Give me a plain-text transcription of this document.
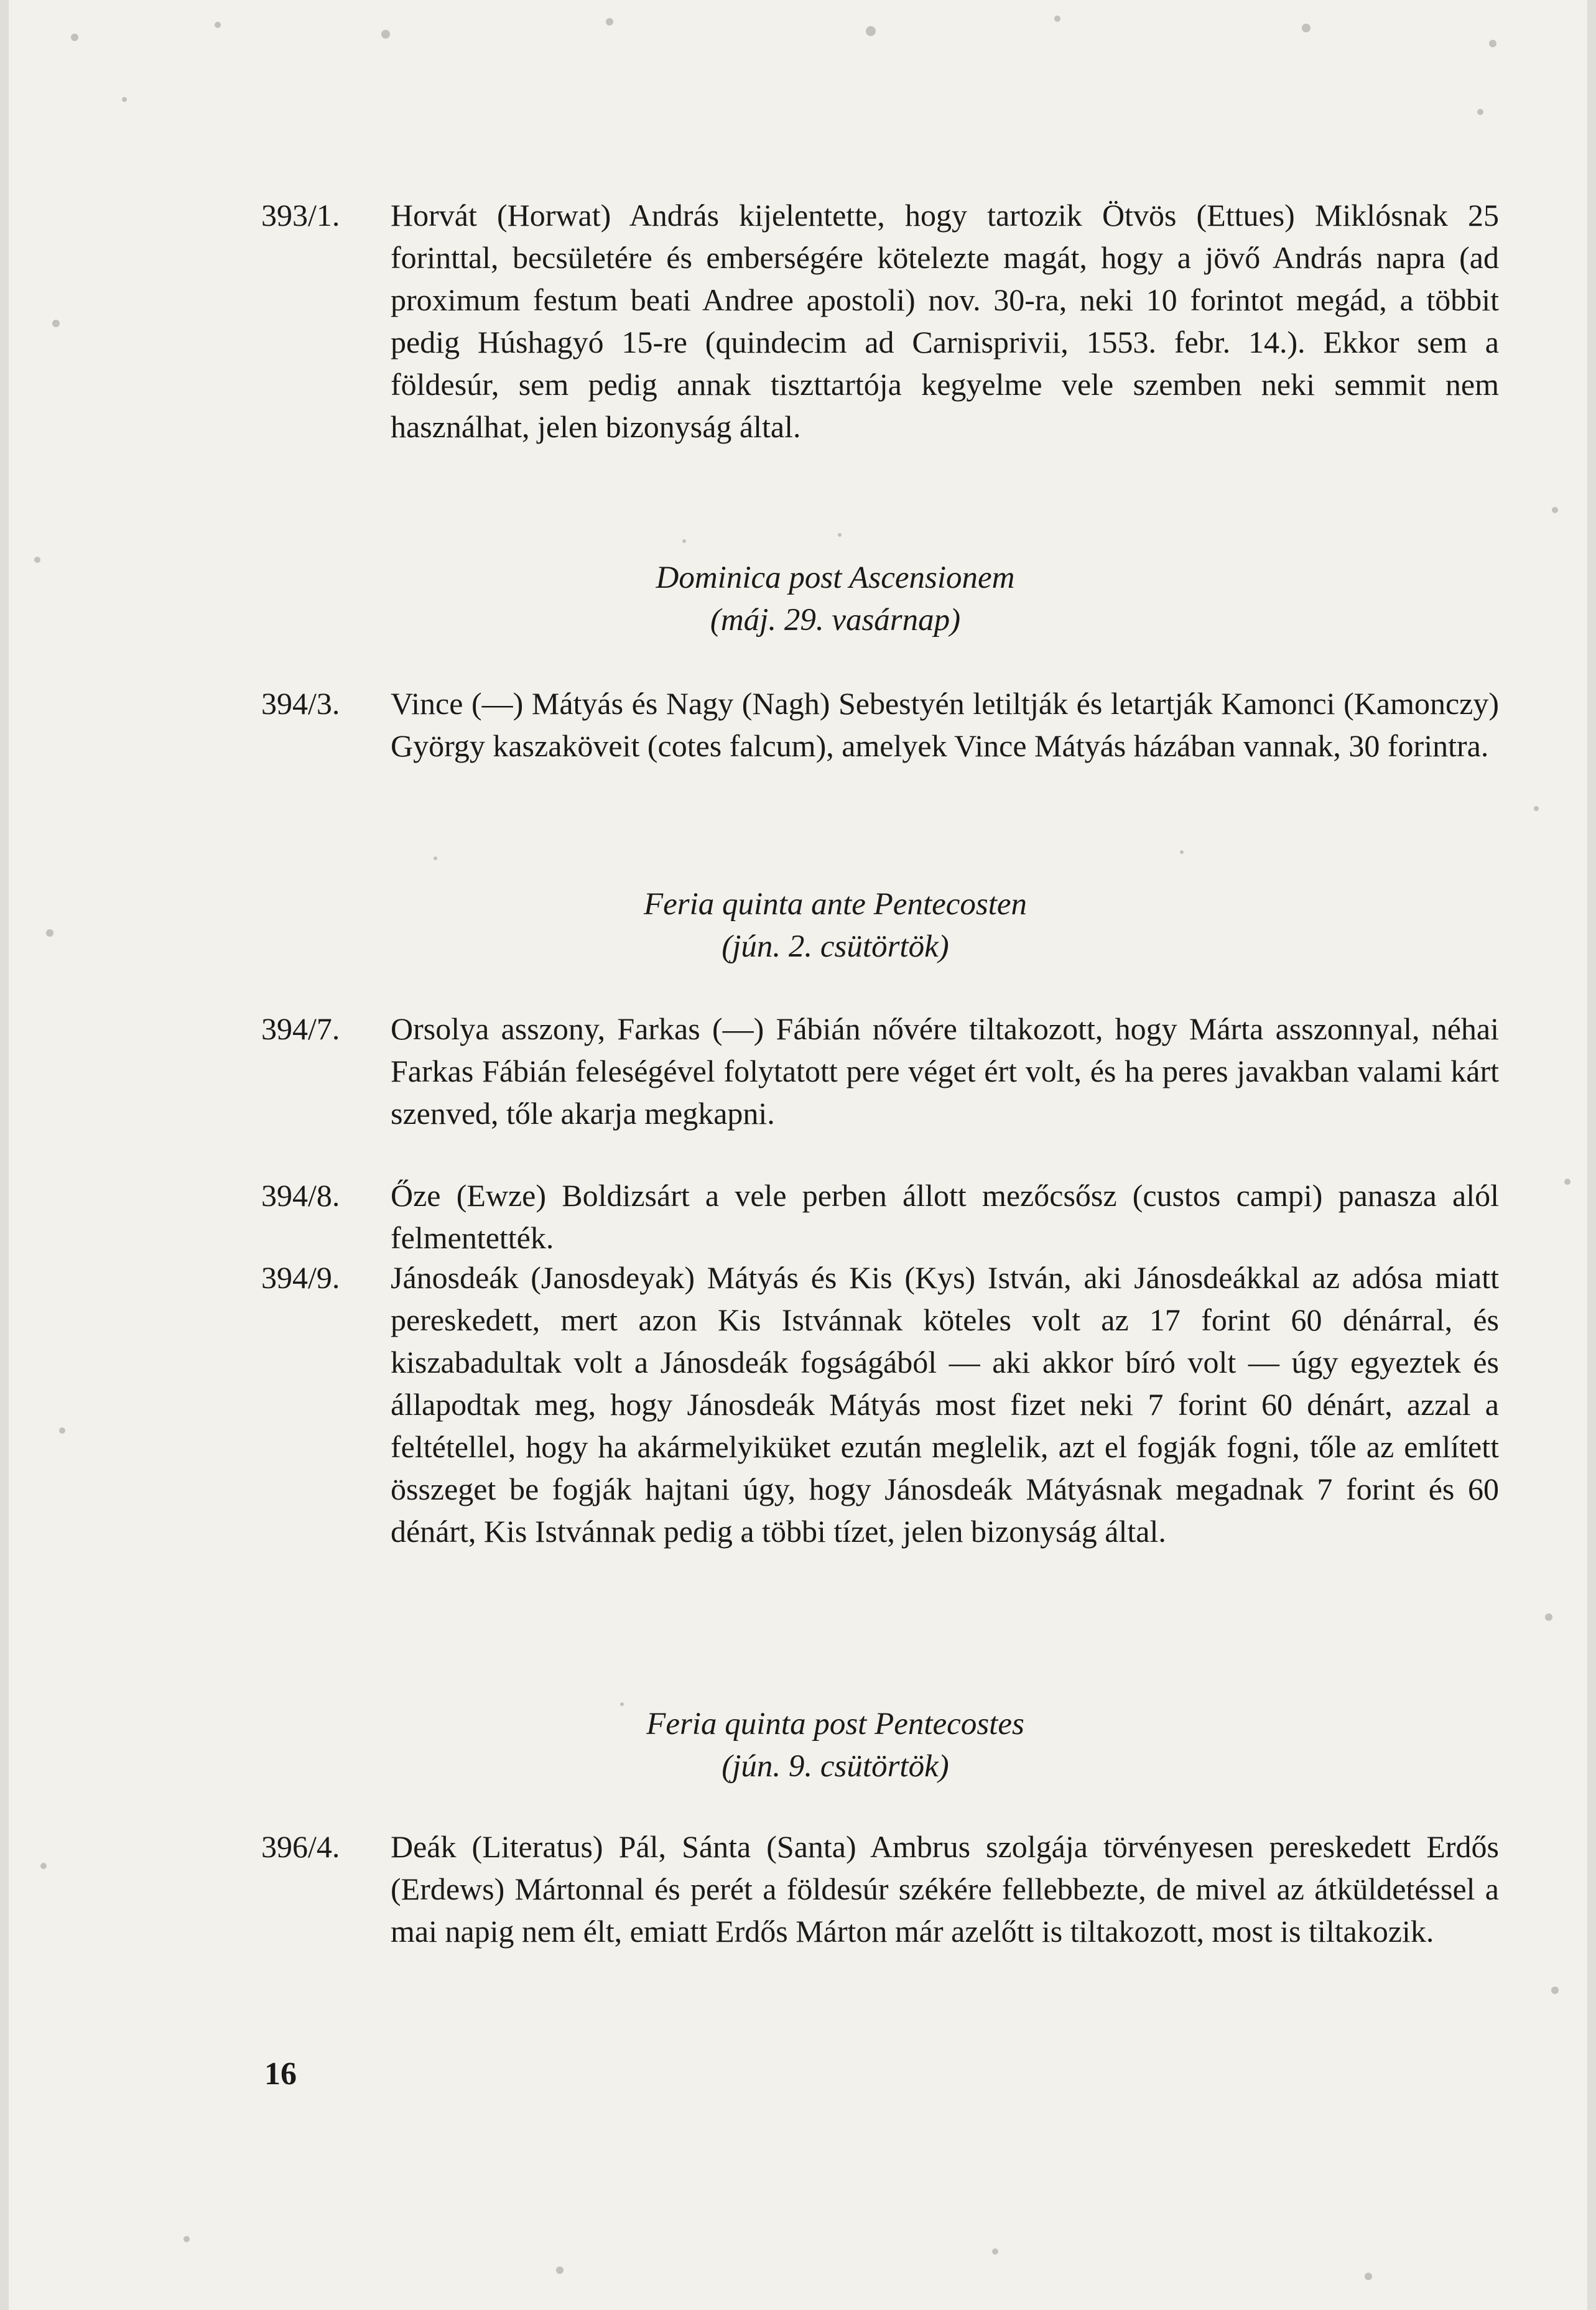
393/1. Horvát (Horwat) András kijelentette, hogy tartozik Ötvös (Ettues) Miklósnak 25 forinttal, becsületére és emberségére kötelezte magát, hogy a jövő András napra (ad proximum festum beati Andree apostoli) nov. 30-ra, neki 10 forintot megád, a többit pedig Húshagyó 15-re (quindecim ad Carnisprivii, 1553. febr. 14.). Ekkor sem a földesúr, sem pedig annak tiszttartója kegyelme vele szemben neki semmit nem használhat, jelen bizonyság által.
Dominica post Ascensionem
(máj. 29. vasárnap)
394/3. Vince (—) Mátyás és Nagy (Nagh) Sebestyén letiltják és letartják Kamonci (Kamonczy) György kaszaköveit (cotes falcum), amelyek Vince Mátyás házában vannak, 30 forintra.
Feria quinta ante Pentecosten
(jún. 2. csütörtök)
394/7. Orsolya asszony, Farkas (—) Fábián nővére tiltakozott, hogy Márta asszonnyal, néhai Farkas Fábián feleségével folytatott pere véget ért volt, és ha peres javakban valami kárt szenved, tőle akarja megkapni.
394/8. Őze (Ewze) Boldizsárt a vele perben állott mezőcsősz (custos campi) panasza alól felmentették.
394/9. Jánosdeák (Janosdeyak) Mátyás és Kis (Kys) István, aki Jánosdeákkal az adósa miatt pereskedett, mert azon Kis Istvánnak köteles volt az 17 forint 60 dénárral, és kiszabadultak volt a Jánosdeák fogságából — aki akkor bíró volt — úgy egyeztek és állapodtak meg, hogy Jánosdeák Mátyás most fizet neki 7 forint 60 dénárt, azzal a feltétellel, hogy ha akármelyiküket ezután meglelik, azt el fogják fogni, tőle az említett összeget be fogják hajtani úgy, hogy Jánosdeák Mátyásnak megadnak 7 forint és 60 dénárt, Kis Istvánnak pedig a többi tízet, jelen bizonyság által.
Feria quinta post Pentecostes
(jún. 9. csütörtök)
396/4. Deák (Literatus) Pál, Sánta (Santa) Ambrus szolgája törvényesen pereskedett Erdős (Erdews) Mártonnal és perét a földesúr székére fellebbezte, de mivel az átküldetéssel a mai napig nem élt, emiatt Erdős Márton már azelőtt is tiltakozott, most is tiltakozik.
16
